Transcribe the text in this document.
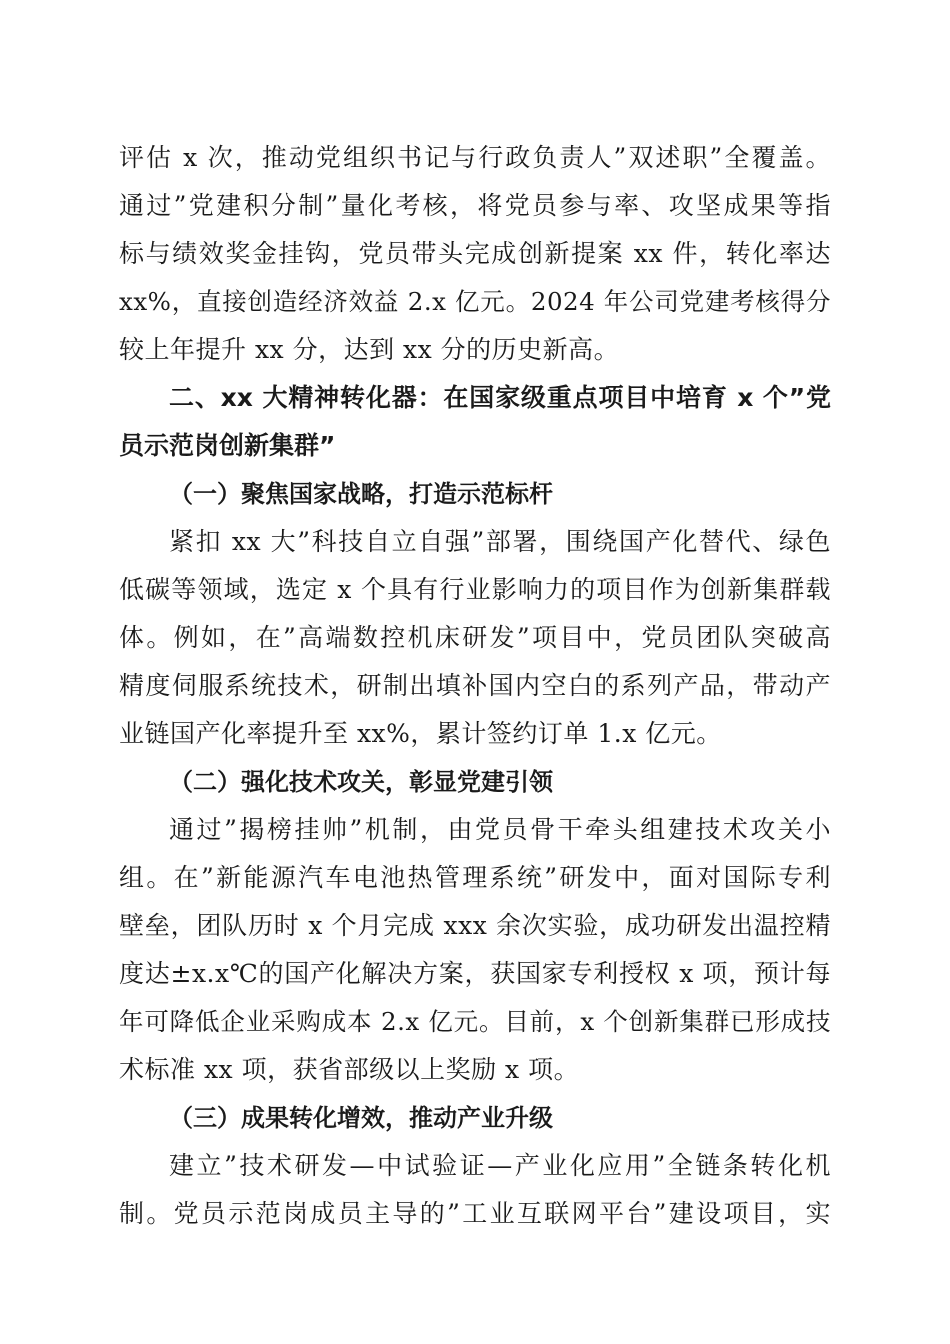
评估 x 次，推动党组织书记与行政负责人”双述职”全覆盖。
通过”党建积分制”量化考核，将党员参与率、攻坚成果等指
标与绩效奖金挂钩，党员带头完成创新提案 xx 件，转化率达
xx%，直接创造经济效益 2.x 亿元。2024 年公司党建考核得分
较上年提升 xx 分，达到 xx 分的历史新高。
二、xx 大精神转化器：在国家级重点项目中培育 x 个”党
员示范岗创新集群”
（一）聚焦国家战略，打造示范标杆
紧扣 xx 大”科技自立自强”部署，围绕国产化替代、绿色
低碳等领域，选定 x 个具有行业影响力的项目作为创新集群载
体。例如，在”高端数控机床研发”项目中，党员团队突破高
精度伺服系统技术，研制出填补国内空白的系列产品，带动产
业链国产化率提升至 xx%，累计签约订单 1.x 亿元。
（二）强化技术攻关，彰显党建引领
通过”揭榜挂帅”机制，由党员骨干牵头组建技术攻关小
组。在”新能源汽车电池热管理系统”研发中，面对国际专利
壁垒，团队历时 x 个月完成 xxx 余次实验，成功研发出温控精
度达±x.x℃的国产化解决方案，获国家专利授权 x 项，预计每
年可降低企业采购成本 2.x 亿元。目前，x 个创新集群已形成技
术标准 xx 项，获省部级以上奖励 x 项。
（三）成果转化增效，推动产业升级
建立”技术研发—中试验证—产业化应用”全链条转化机
制。党员示范岗成员主导的”工业互联网平台”建设项目，实
